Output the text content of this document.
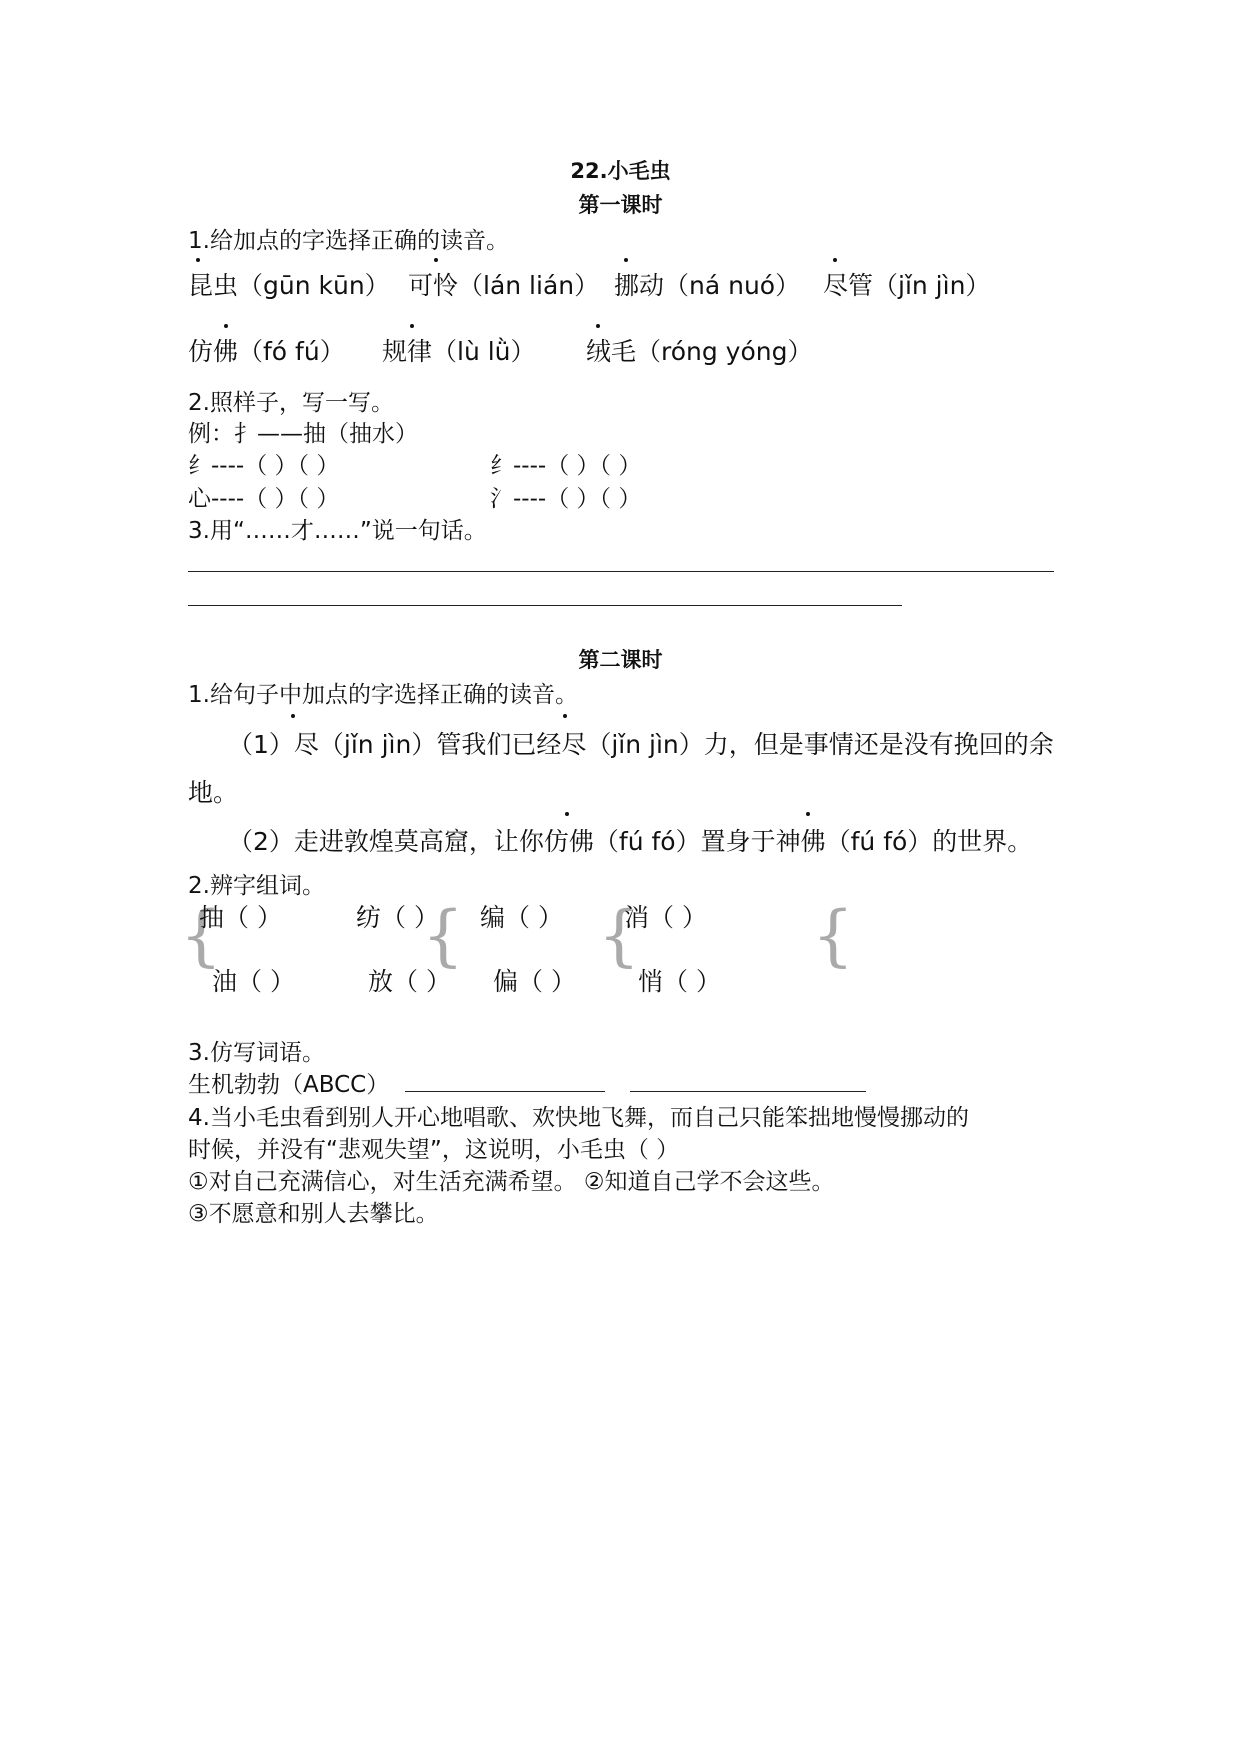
22.小毛虫
第一课时
1.给加点的字选择正确的读音。
昆虫（gūn kūn） 可怜（lán lián） 挪动（ná nuó） 尽管（jǐn jìn）
仿佛（fó fú） 规律（lù lǜ） 绒毛（róng yóng）
2.照样子，写一写。
例：扌——抽（抽水）
纟----（ ）（ ）	纟----（ ）（ ）
心----（ ）（ ）	氵----（ ）（ ）
3.用“……才……”说一句话。
第二课时
1.给句子中加点的字选择正确的读音。
（1）尽（jǐn jìn）管我们已经尽（jǐn jìn）力，但是事情还是没有挽回的余
地。
（2）走进敦煌莫高窟，让你仿佛（fú fó）置身于神佛（fú fó）的世界。
2.辨字组词。
{	{ {	{
抽（ ）	纺（ ） 编（ ） 消（ ）
油（ ）	放（ ） 偏（ ） 悄（ ）
3.仿写词语。
生机勃勃（ABCC）
4.当小毛虫看到别人开心地唱歌、欢快地飞舞，而自己只能笨拙地慢慢挪动的
时候，并没有“悲观失望”，这说明，小毛虫（ ）
①对自己充满信心，对生活充满希望。 ②知道自己学不会这些。
③不愿意和别人去攀比。
